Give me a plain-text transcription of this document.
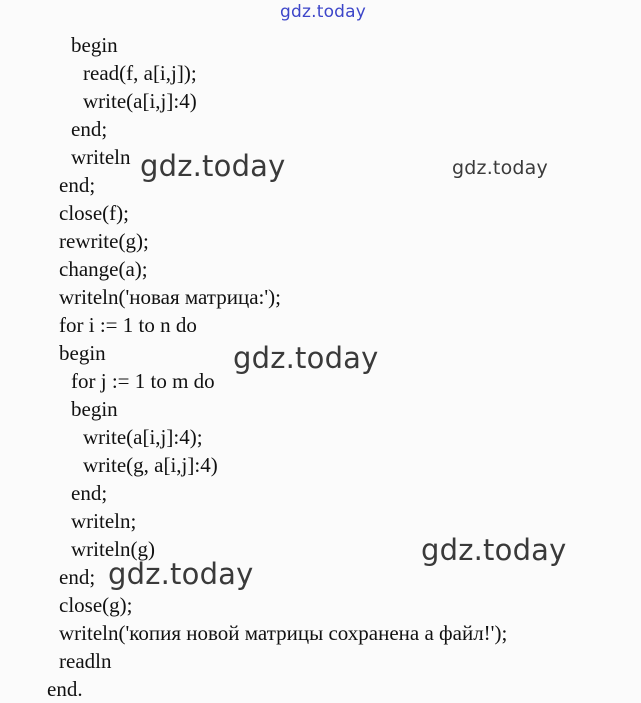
begin
read(f, a[i,j]);
write(a[i,j]:4)
end;
writeln
end;
close(f);
rewrite(g);
change(a);
writeln('новая матрица:');
for i := 1 to n do
begin
for j := 1 to m do
begin
write(a[i,j]:4);
write(g, a[i,j]:4)
end;
writeln;
writeln(g)
end;
close(g);
writeln('копия новой матрицы сохранена а файл!');
readln
end.
gdz.today
gdz.today	gdz.today
gdz.today
gdz.today
gdz.today
